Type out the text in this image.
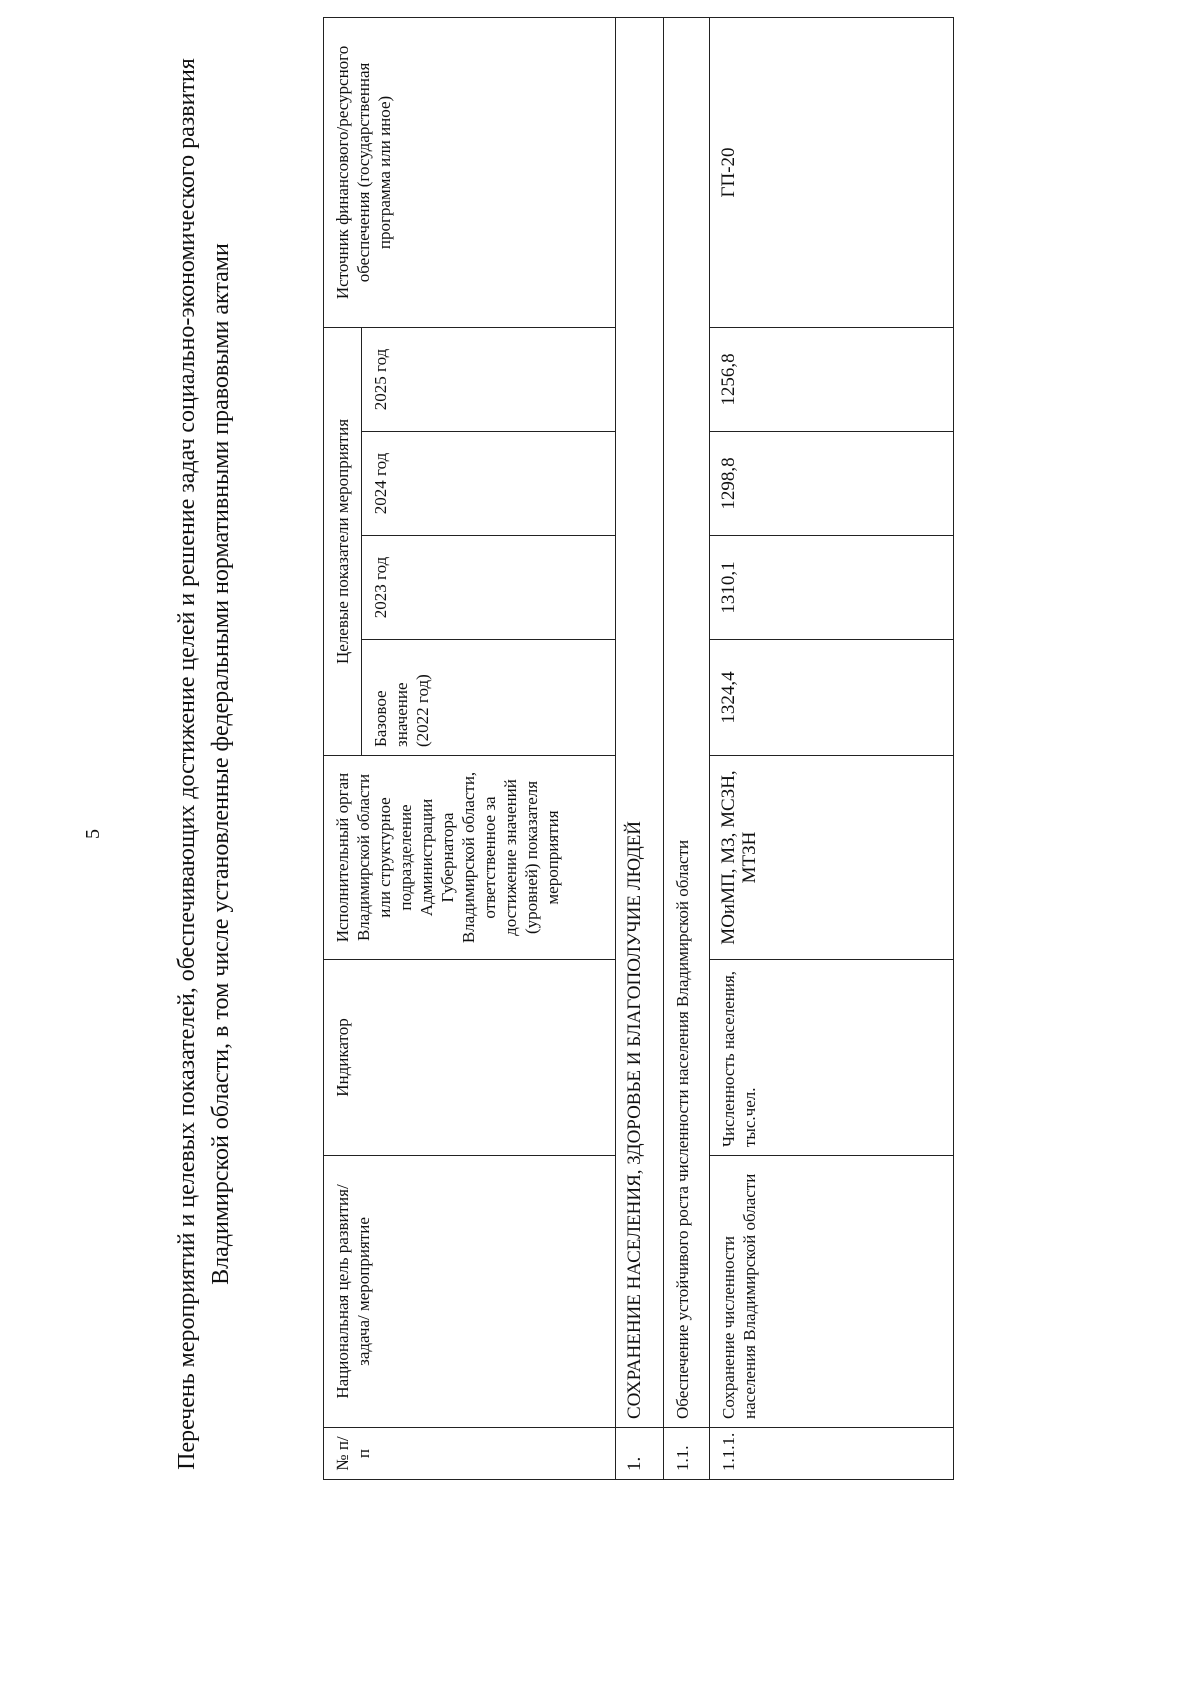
5	Перечень мероприятий и целевых показателей, обеспечивающих достижение целей и решение задач социально-экономического развития Владимирской области, в том числе установленные федеральными нормативными правовыми актами
№ п/п	Национальная цель развития/ задача/ мероприятие	Индикатор	Исполнительный орган Владимирской области или структурное подразделение Администрации Губернатора Владимирской области, ответственное за достижение значений (уровней) показателя мероприятия	Целевые показатели мероприятия				Источник финансового/ресурсного обеспечения (государственная программа или иное)
				Базовое значение (2022 год)	2023 год	2024 год	2025 год	
1.	СОХРАНЕНИЕ НАСЕЛЕНИЯ, ЗДОРОВЬЕ И БЛАГОПОЛУЧИЕ ЛЮДЕЙ							
1.1.	Обеспечение устойчивого роста численности населения Владимирской области							
1.1.1.	Сохранение численности населения Владимирской области	Численность населения, тыс.чел.	МОиМП, МЗ, МСЗН, МТЗН	1324,4	1310,1	1298,8	1256,8	ГП-20
